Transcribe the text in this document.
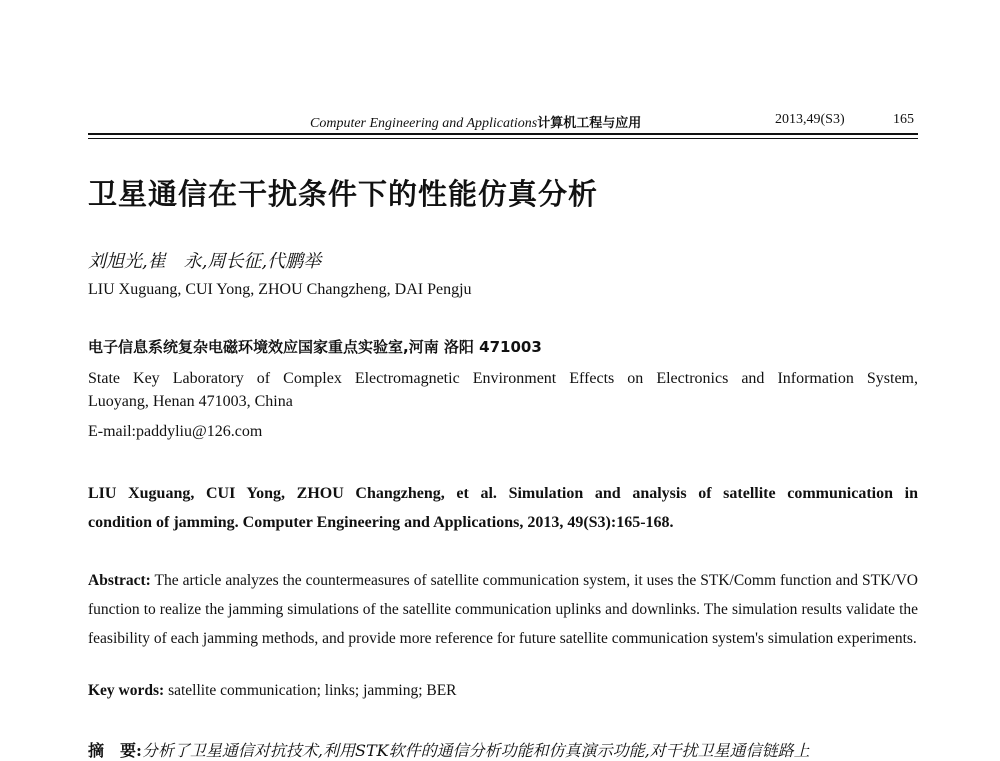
Computer Engineering and Applications计算机工程与应用	2013,49(S3)	165
卫星通信在干扰条件下的性能仿真分析
刘旭光,崔　永,周长征,代鹏举
LIU Xuguang, CUI Yong, ZHOU Changzheng, DAI Pengju
电子信息系统复杂电磁环境效应国家重点实验室,河南 洛阳 471003
State Key Laboratory of Complex Electromagnetic Environment Effects on Electronics and Information System,
Luoyang, Henan 471003, China
E-mail:paddyliu@126.com
LIU Xuguang, CUI Yong, ZHOU Changzheng, et al. Simulation and analysis of satellite communication in
condition of jamming. Computer Engineering and Applications, 2013, 49(S3):165-168.
Abstract: The article analyzes the countermeasures of satellite communication system, it uses the STK/Comm function and STK/VO function to realize the jamming simulations of the satellite communication uplinks and downlinks. The simulation results validate the feasibility of each jamming methods, and provide more reference for future satellite communication system's simulation experiments.
Key words: satellite communication; links; jamming; BER
摘　要:分析了卫星通信对抗技术,利用STK软件的通信分析功能和仿真演示功能,对干扰卫星通信链路上
